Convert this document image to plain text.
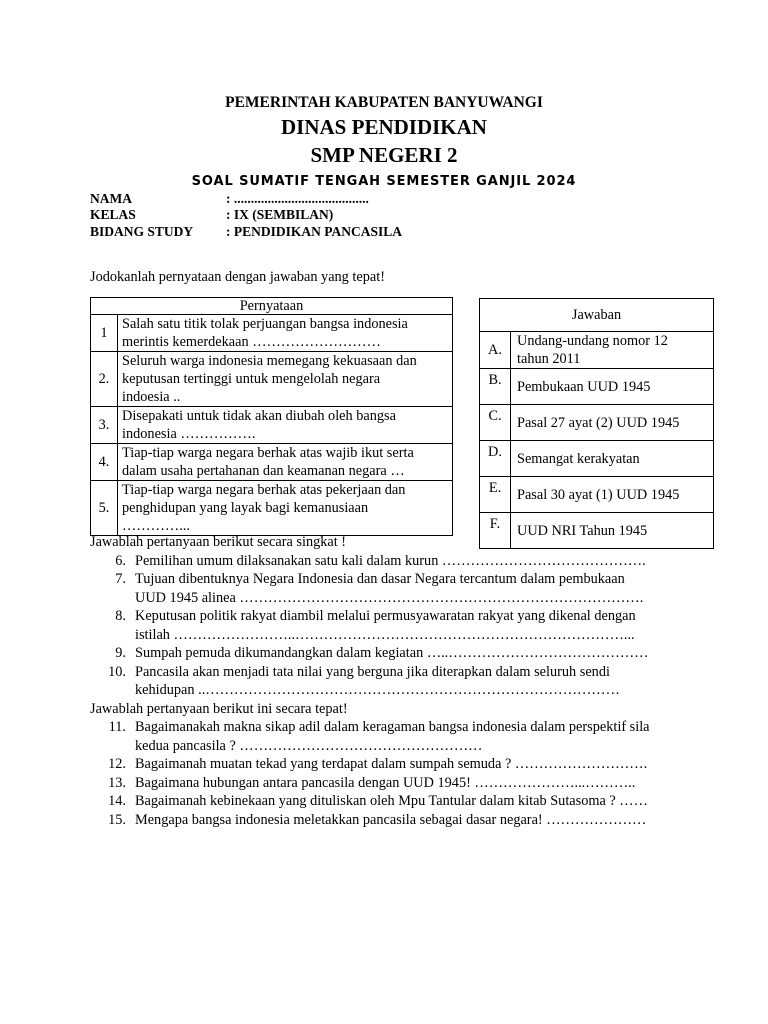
PEMERINTAH KABUPATEN BANYUWANGI
DINAS PENDIDIKAN
SMP NEGERI 2
SOAL SUMATIF TENGAH SEMESTER GANJIL 2024
NAMA	: ........................................
KELAS	: IX (SEMBILAN)
BIDANG STUDY : PENDIDIKAN PANCASILA
Jodokanlah pernyataan dengan jawaban yang tepat!
Pernyataan	
1	Salah satu titik tolak perjuangan bangsa indonesia
merintis kemerdekaan ………………………

2.	Seluruh warga indonesia memegang kekuasaan dan
keputusan tertinggi untuk mengelolah negara
indoesia ..

3.	Disepakati untuk tidak akan diubah oleh bangsa
indonesia …………….

4.	Tiap-tiap warga negara berhak atas wajib ikut serta
dalam usaha pertahanan dan keamanan negara …

5.	Tiap-tiap warga negara berhak atas pekerjaan dan
penghidupan yang layak bagi kemanusiaan
…………...
Jawaban	
A.	Undang-undang nomor 12
tahun 2011

B.	Pembukaan UUD 1945
C.	Pasal 27 ayat (2) UUD 1945
D.	Semangat kerakyatan
E.	Pasal 30 ayat (1) UUD 1945
F.	UUD NRI Tahun 1945
Jawablah pertanyaan berikut secara singkat !
6. Pemilihan umum dilaksanakan satu kali dalam kurun …………………………………….
7. Tujuan dibentuknya Negara Indonesia dan dasar Negara tercantum dalam pembukaan
UUD 1945 alinea ………………………………………………………………………….
8. Keputusan politik rakyat diambil melalui permusyawaratan rakyat yang dikenal dengan
istilah ……………………..……………………………………………………………...
9. Sumpah pemuda dikumandangkan dalam kegiatan …..……………………………………
10. Pancasila akan menjadi tata nilai yang berguna jika diterapkan dalam seluruh sendi
kehidupan ..……………………………………………………………………………
Jawablah pertanyaan berikut ini secara tepat!
11. Bagaimanakah makna sikap adil dalam keragaman bangsa indonesia dalam perspektif sila
kedua pancasila ? ……………………………………………
12. Bagaimanah muatan tekad yang terdapat dalam sumpah semuda ? ……………………….
13. Bagaimana hubungan antara pancasila dengan UUD 1945! …………………...………..
14. Bagaimanah kebinekaan yang dituliskan oleh Mpu Tantular dalam kitab Sutasoma ? ……
15. Mengapa bangsa indonesia meletakkan pancasila sebagai dasar negara! …………………
